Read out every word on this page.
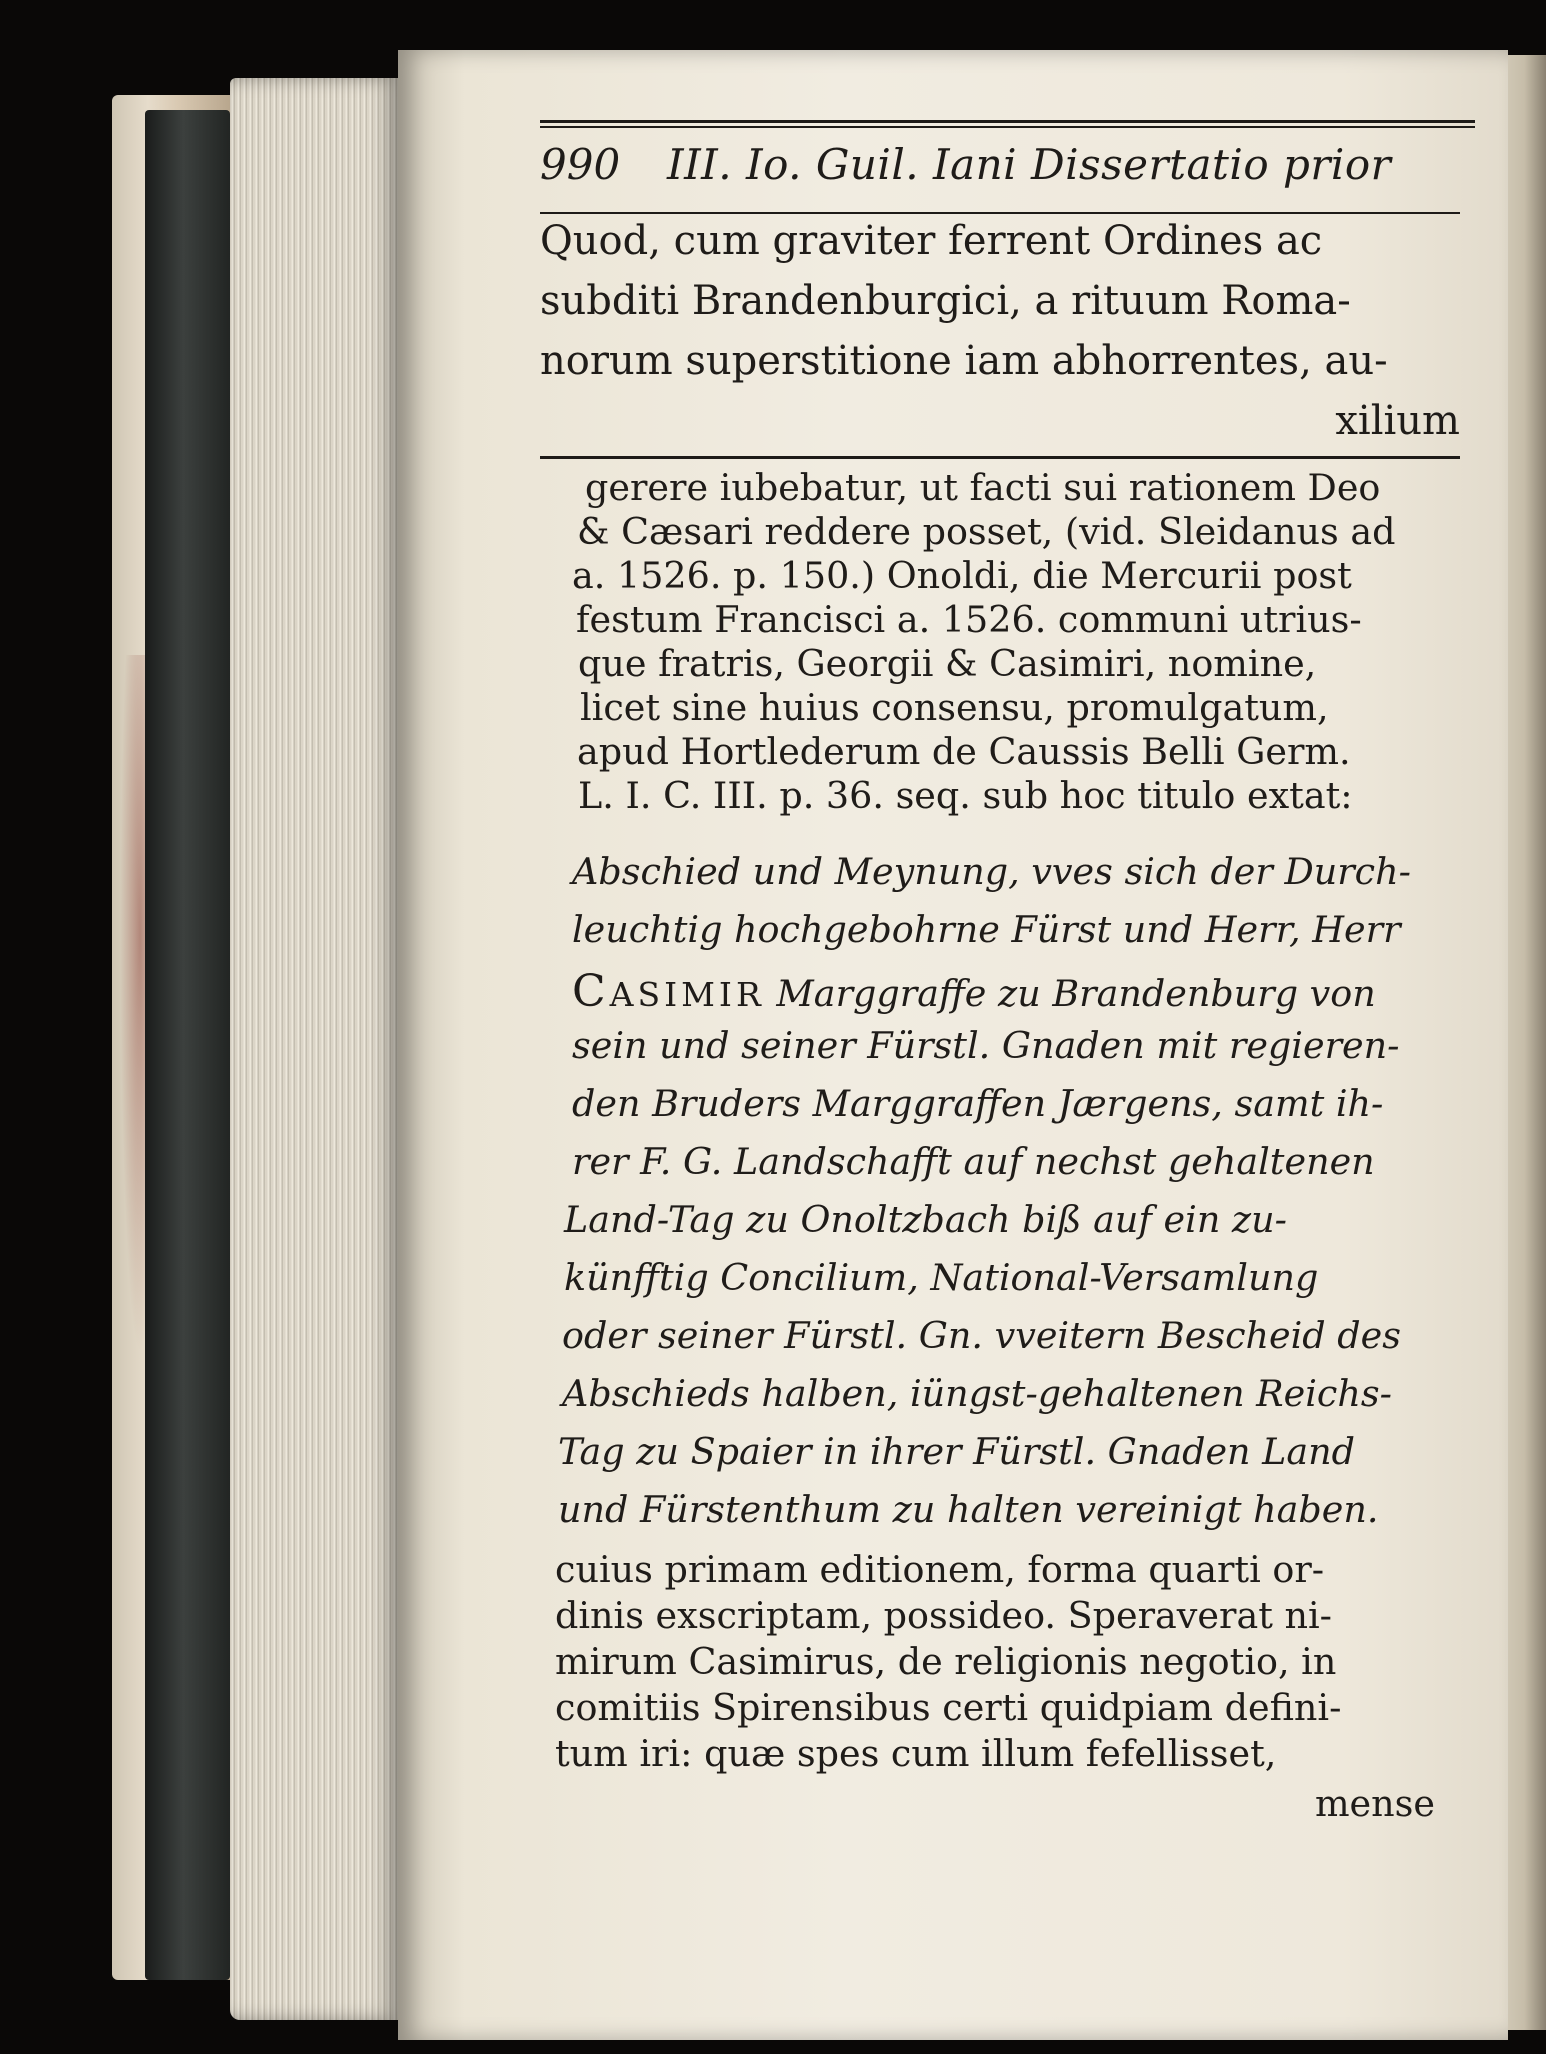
990 III. Io. Guil. Iani Dissertatio prior
Quod, cum graviter ferrent Ordines ac
subditi Brandenburgici, a rituum Roma-
norum superstitione iam abhorrentes, au-
xilium
gerere iubebatur, ut facti sui rationem Deo
& Cæsari reddere posset, (vid. Sleidanus ad
a. 1526. p. 150.) Onoldi, die Mercurii post
festum Francisci a. 1526. communi utrius-
que fratris, Georgii & Casimiri, nomine,
licet sine huius consensu, promulgatum,
apud Hortlederum de Caussis Belli Germ.
L. I. C. III. p. 36. seq. sub hoc titulo extat:
Abschied und Meynung, vves sich der Durch-
leuchtig hochgebohrne Fürst und Herr, Herr
CASIMIR Marggraffe zu Brandenburg von
sein und seiner Fürstl. Gnaden mit regieren-
den Bruders Marggraffen Jærgens, samt ih-
rer F. G. Landschafft auf nechst gehaltenen
Land-Tag zu Onoltzbach biß auf ein zu-
künfftig Concilium, National-Versamlung
oder seiner Fürstl. Gn. vveitern Bescheid des
Abschieds halben, iüngst-gehaltenen Reichs-
Tag zu Spaier in ihrer Fürstl. Gnaden Land
und Fürstenthum zu halten vereinigt haben.
cuius primam editionem, forma quarti or-
dinis exscriptam, possideo. Speraverat ni-
mirum Casimirus, de religionis negotio, in
comitiis Spirensibus certi quidpiam defini-
tum iri: quæ spes cum illum fefellisset,
mense
